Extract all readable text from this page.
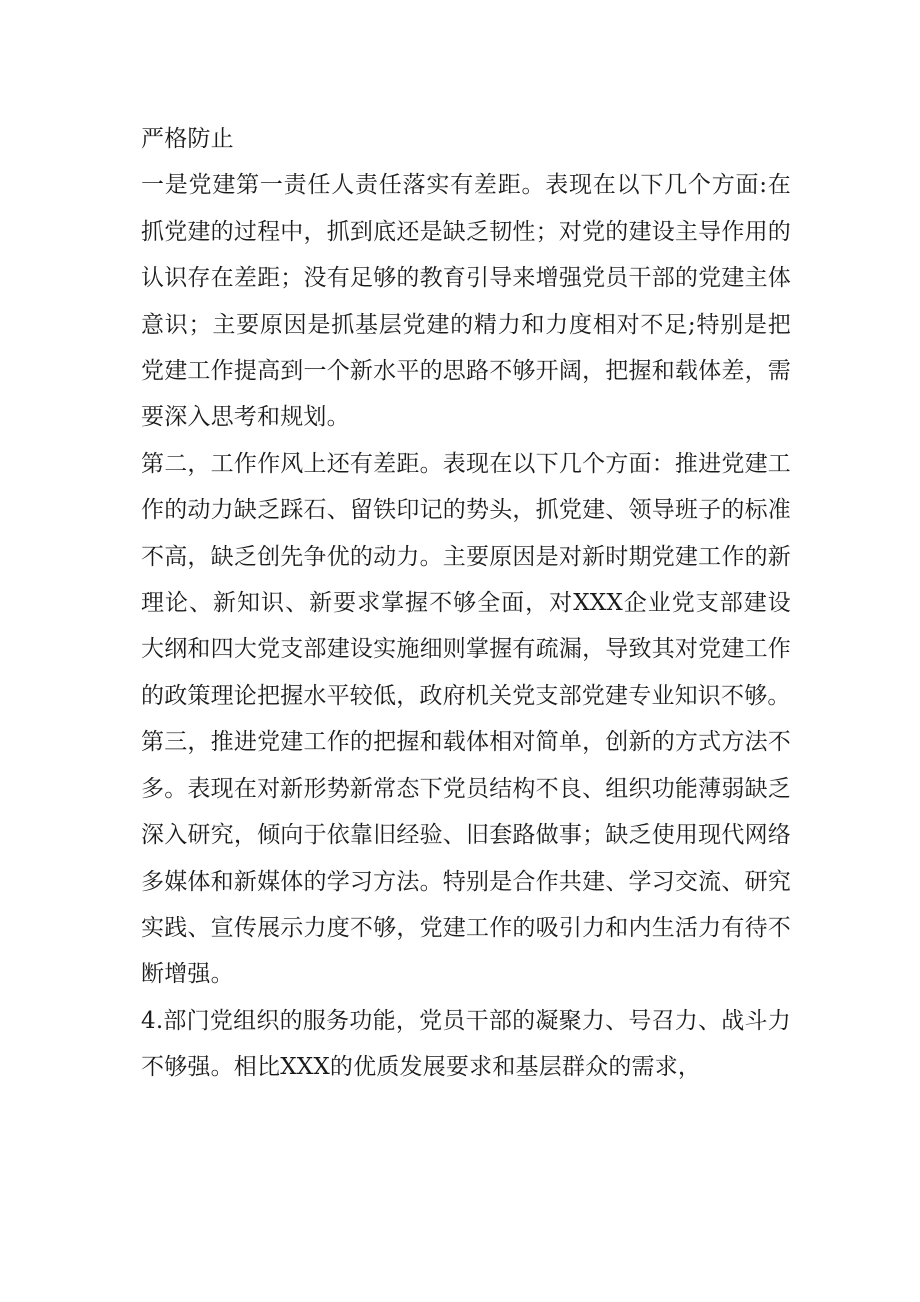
严格防止

一是党建第一责任人责任落实有差距。表现在以下几个方面:在抓党建的过程中，抓到底还是缺乏韧性；对党的建设主导作用的认识存在差距；没有足够的教育引导来增强党员干部的党建主体意识；主要原因是抓基层党建的精力和力度相对不足;特别是把党建工作提高到一个新水平的思路不够开阔，把握和载体差，需要深入思考和规划。

第二，工作作风上还有差距。表现在以下几个方面：推进党建工作的动力缺乏踩石、留铁印记的势头，抓党建、领导班子的标准不高，缺乏创先争优的动力。主要原因是对新时期党建工作的新理论、新知识、新要求掌握不够全面，对XXX企业党支部建设大纲和四大党支部建设实施细则掌握有疏漏，导致其对党建工作的政策理论把握水平较低，政府机关党支部党建专业知识不够。

第三，推进党建工作的把握和载体相对简单，创新的方式方法不多。表现在对新形势新常态下党员结构不良、组织功能薄弱缺乏深入研究，倾向于依靠旧经验、旧套路做事；缺乏使用现代网络多媒体和新媒体的学习方法。特别是合作共建、学习交流、研究实践、宣传展示力度不够，党建工作的吸引力和内生活力有待不断增强。

4.部门党组织的服务功能，党员干部的凝聚力、号召力、战斗力不够强。相比XXX的优质发展要求和基层群众的需求，
